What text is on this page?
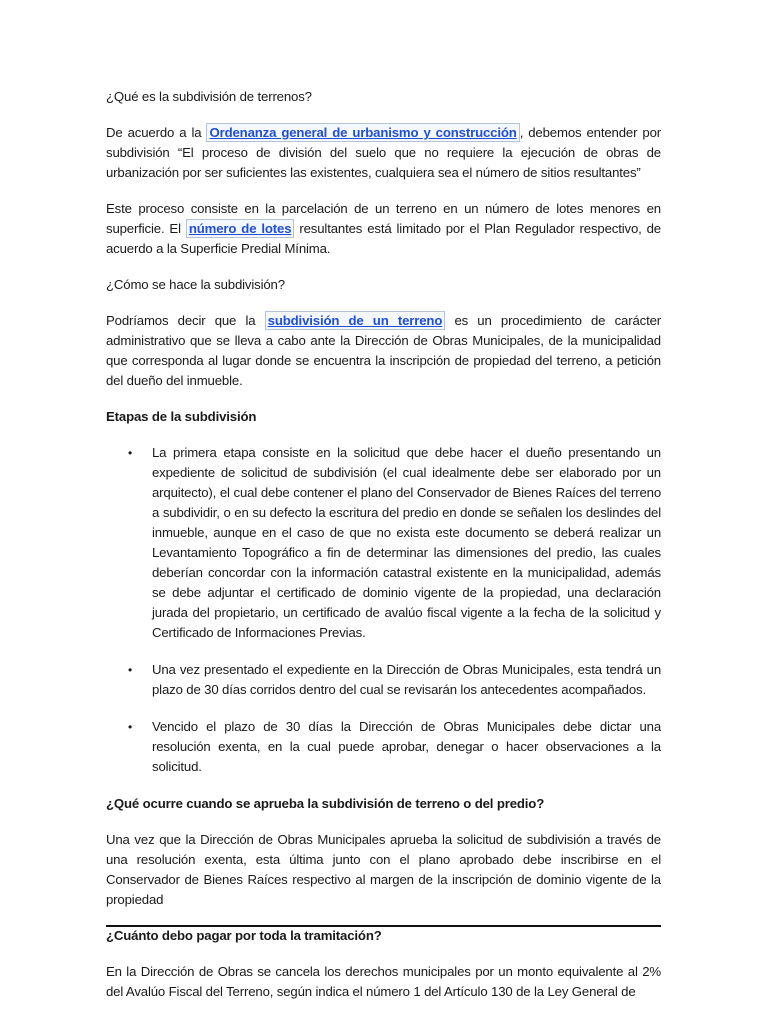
¿Qué es la subdivisión de terrenos?

De acuerdo a la Ordenanza general de urbanismo y construcción , debemos entender por subdivisión “El proceso de división del suelo que no requiere la ejecución de obras de urbanización por ser suficientes las existentes, cualquiera sea el número de sitios resultantes”

Este proceso consiste en la parcelación de un terreno en un número de lotes menores en superficie. El número de lotes resultantes está limitado por el Plan Regulador respectivo, de acuerdo a la Superficie Predial Mínima.

¿Cómo se hace la subdivisión?

Podríamos decir que la subdivisión de un terreno es un procedimiento de carácter administrativo que se lleva a cabo ante la Dirección de Obras Municipales, de la municipalidad que corresponda al lugar donde se encuentra la inscripción de propiedad del terreno, a petición del dueño del inmueble.

Etapas de la subdivisión

• La primera etapa consiste en la solicitud que debe hacer el dueño presentando un expediente de solicitud de subdivisión (el cual idealmente debe ser elaborado por un arquitecto), el cual debe contener el plano del Conservador de Bienes Raíces del terreno a subdividir, o en su defecto la escritura del predio en donde se señalen los deslindes del inmueble, aunque en el caso de que no exista este documento se deberá realizar un Levantamiento Topográfico a fin de determinar las dimensiones del predio, las cuales deberían concordar con la información catastral existente en la municipalidad, además se debe adjuntar el certificado de dominio vigente de la propiedad, una declaración jurada del propietario, un certificado de avalúo fiscal vigente a la fecha de la solicitud y Certificado de Informaciones Previas.

• Una vez presentado el expediente en la Dirección de Obras Municipales, esta tendrá un plazo de 30 días corridos dentro del cual se revisarán los antecedentes acompañados.

• Vencido el plazo de 30 días la Dirección de Obras Municipales debe dictar una resolución exenta, en la cual puede aprobar, denegar o hacer observaciones a la solicitud.

¿Qué ocurre cuando se aprueba la subdivisión de terreno o del predio?

Una vez que la Dirección de Obras Municipales aprueba la solicitud de subdivisión a través de una resolución exenta, esta última junto con el plano aprobado debe inscribirse en el Conservador de Bienes Raíces respectivo al margen de la inscripción de dominio vigente de la propiedad

¿Cuánto debo pagar por toda la tramitación?

En la Dirección de Obras se cancela los derechos municipales por un monto equivalente al 2% del Avalúo Fiscal del Terreno, según indica el número 1 del Artículo 130 de la Ley General de
